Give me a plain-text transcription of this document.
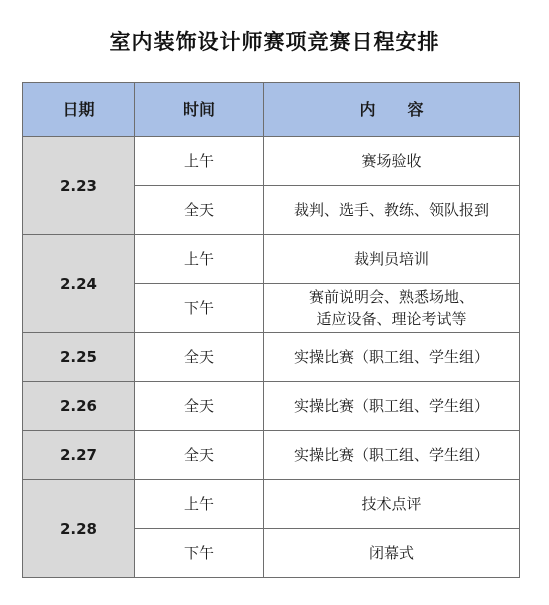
室内装饰设计师赛项竞赛日程安排
日期	时间	内　　容
2.23	上午	赛场验收

	全天	裁判、选手、教练、领队报到

2.24	上午	裁判员培训

	下午	赛前说明会、熟悉场地、
适应设备、理论考试等

2.25	全天	实操比赛（职工组、学生组）

2.26	全天	实操比赛（职工组、学生组）

2.27	全天	实操比赛（职工组、学生组）

2.28	上午	技术点评

	下午	闭幕式
